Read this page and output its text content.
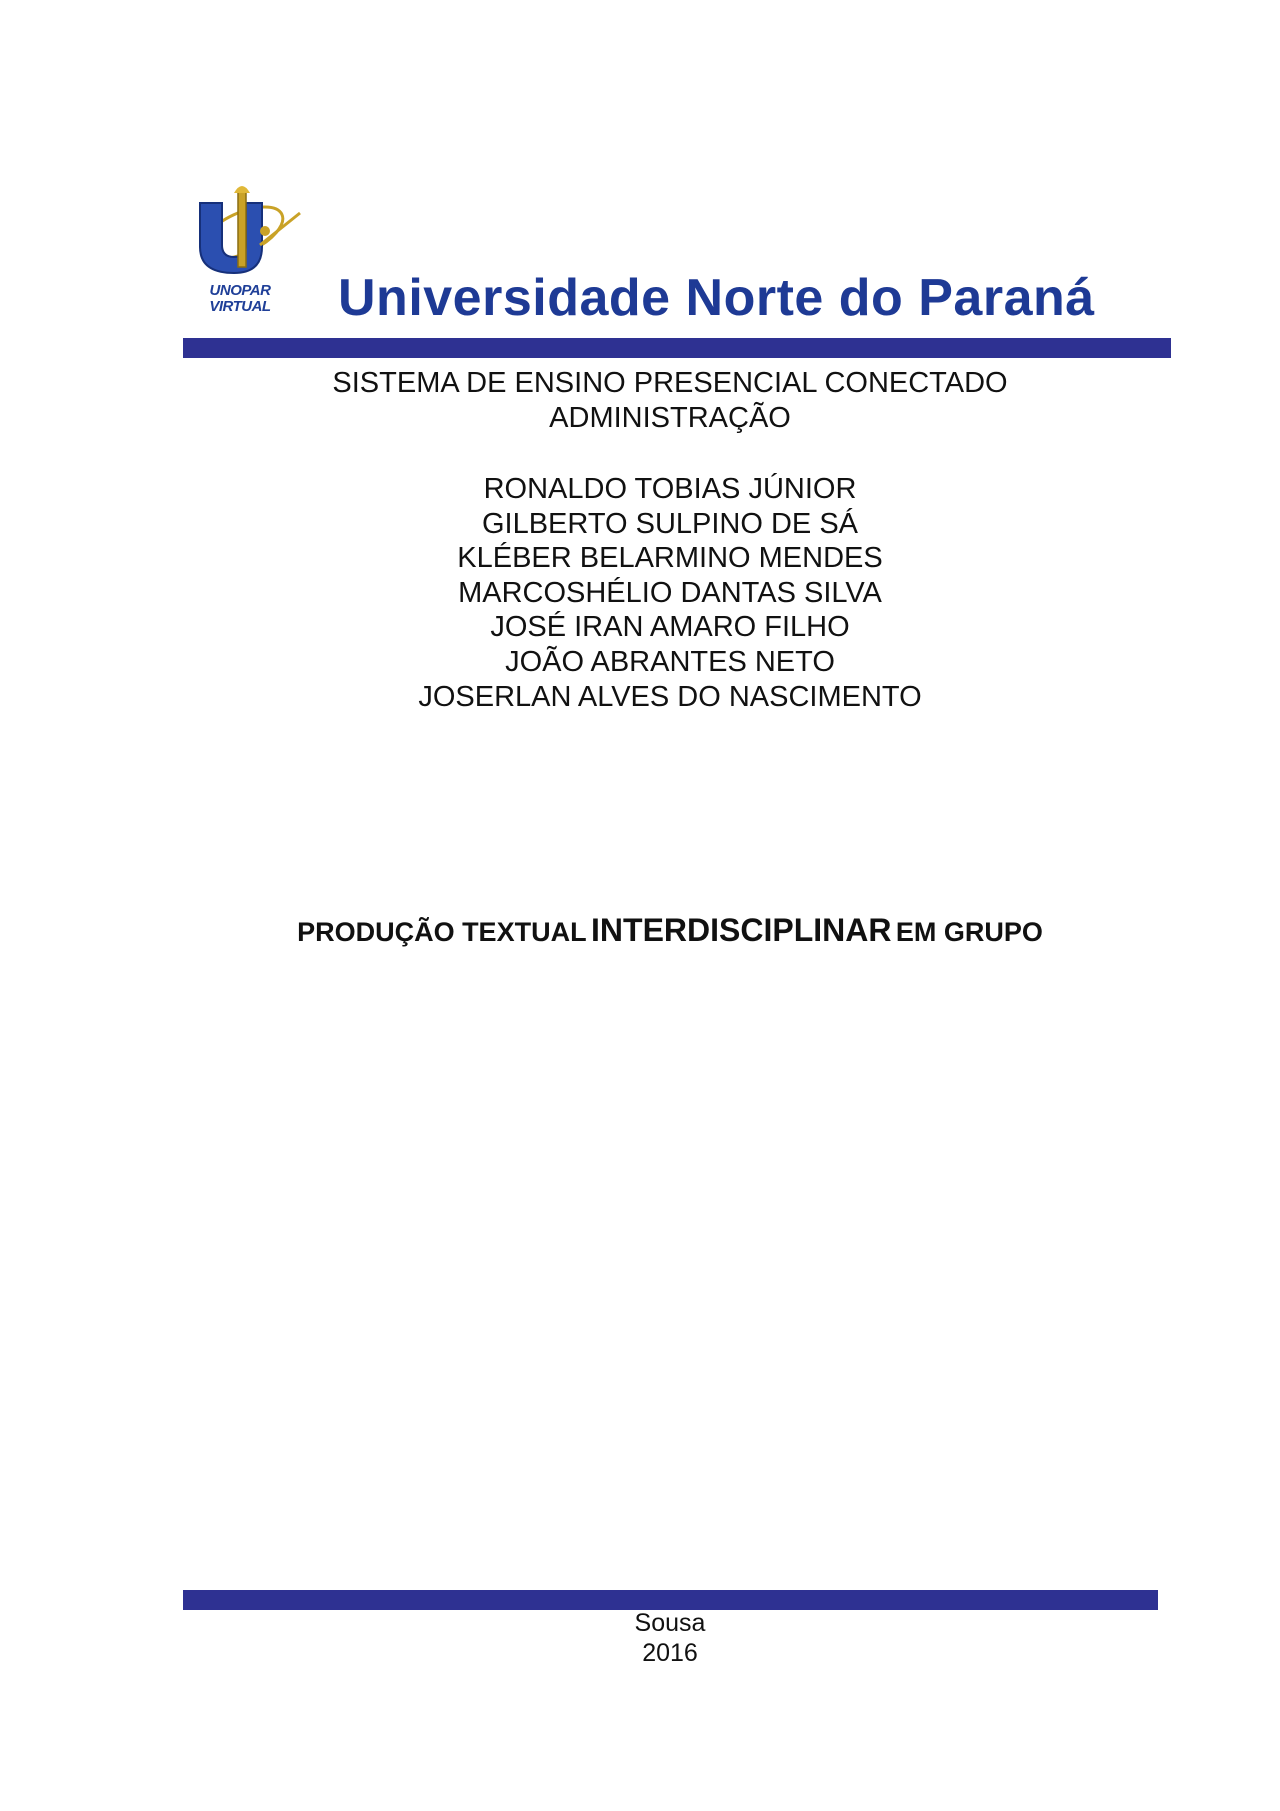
UNOPAR
VIRTUAL	Universidade Norte do Paraná
SISTEMA DE ENSINO PRESENCIAL CONECTADO
ADMINISTRAÇÃO
RONALDO TOBIAS JÚNIOR
GILBERTO SULPINO DE SÁ
KLÉBER BELARMINO MENDES
MARCOSHÉLIO DANTAS SILVA
JOSÉ IRAN AMARO FILHO
JOÃO ABRANTES NETO
JOSERLAN ALVES DO NASCIMENTO
PRODUÇÃO TEXTUAL INTERDISCIPLINAR EM GRUPO
Sousa
2016
